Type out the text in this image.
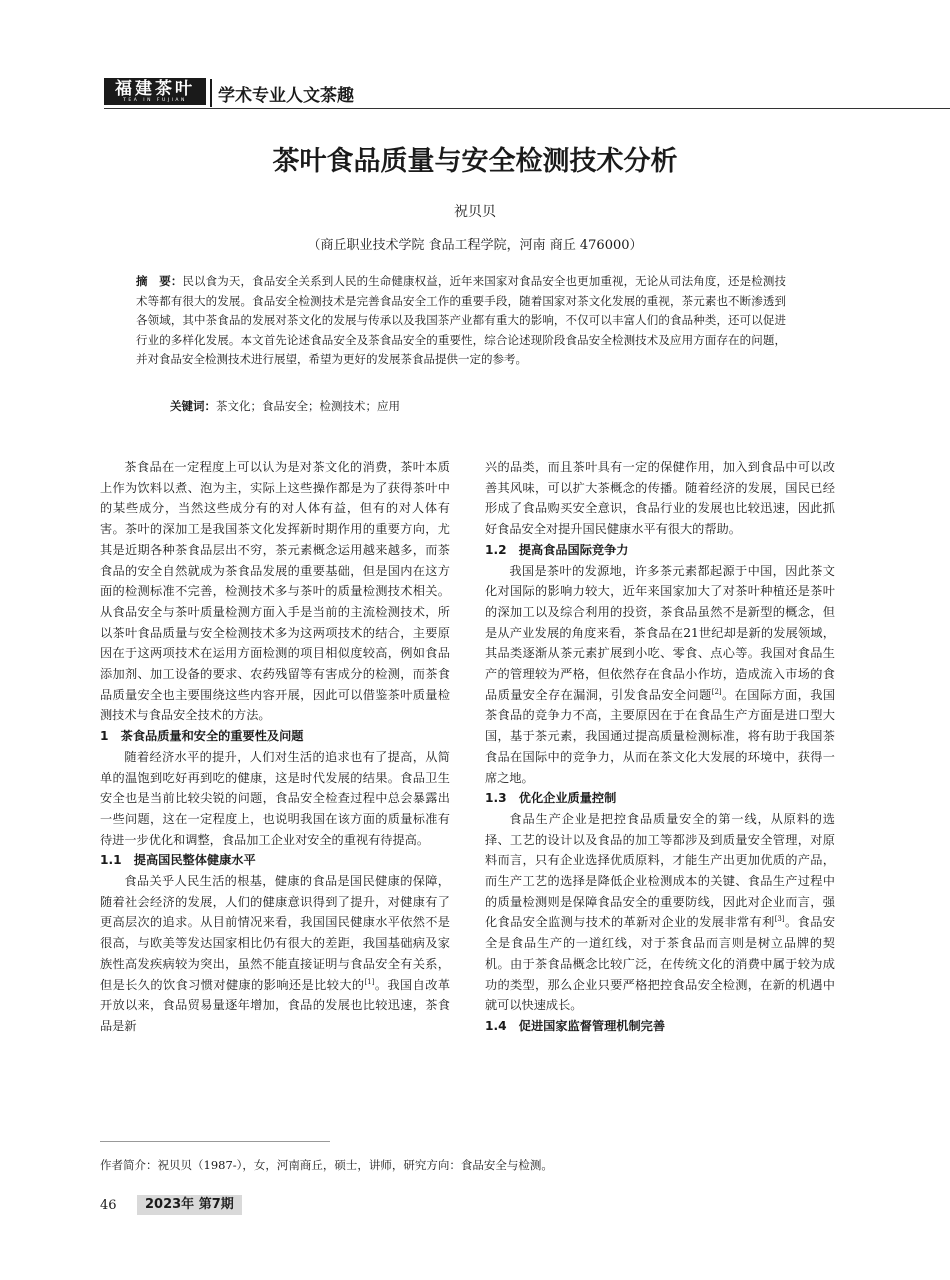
福建茶叶
TEA IN FUJIAN 学术专业人文茶趣
茶叶食品质量与安全检测技术分析
祝贝贝
（商丘职业技术学院 食品工程学院，河南 商丘 476000）
摘　要：民以食为天，食品安全关系到人民的生命健康权益，近年来国家对食品安全也更加重视，无论从司法角度，还是检测技术等都有很大的发展。食品安全检测技术是完善食品安全工作的重要手段，随着国家对茶文化发展的重视，茶元素也不断渗透到各领域，其中茶食品的发展对茶文化的发展与传承以及我国茶产业都有重大的影响，不仅可以丰富人们的食品种类，还可以促进行业的多样化发展。本文首先论述食品安全及茶食品安全的重要性，综合论述现阶段食品安全检测技术及应用方面存在的问题，并对食品安全检测技术进行展望，希望为更好的发展茶食品提供一定的参考。
关键词：茶文化；食品安全；检测技术；应用

茶食品在一定程度上可以认为是对茶文化的消费，茶叶本质上作为饮料以煮、泡为主，实际上这些操作都是为了获得茶叶中的某些成分，当然这些成分有的对人体有益，但有的对人体有害。茶叶的深加工是我国茶文化发挥新时期作用的重要方向，尤其是近期各种茶食品层出不穷，茶元素概念运用越来越多，而茶食品的安全自然就成为茶食品发展的重要基础，但是国内在这方面的检测标准不完善，检测技术多与茶叶的质量检测技术相关。从食品安全与茶叶质量检测方面入手是当前的主流检测技术，所以茶叶食品质量与安全检测技术多为这两项技术的结合，主要原因在于这两项技术在运用方面检测的项目相似度较高，例如食品添加剂、加工设备的要求、农药残留等有害成分的检测，而茶食品质量安全也主要围绕这些内容开展，因此可以借鉴茶叶质量检测技术与食品安全技术的方法。

1　茶食品质量和安全的重要性及问题

随着经济水平的提升，人们对生活的追求也有了提高，从简单的温饱到吃好再到吃的健康，这是时代发展的结果。食品卫生安全也是当前比较尖锐的问题，食品安全检查过程中总会暴露出一些问题，这在一定程度上，也说明我国在该方面的质量标准有待进一步优化和调整，食品加工企业对安全的重视有待提高。

1.1　提高国民整体健康水平

食品关乎人民生活的根基，健康的食品是国民健康的保障，随着社会经济的发展，人们的健康意识得到了提升，对健康有了更高层次的追求。从目前情况来看，我国国民健康水平依然不是很高，与欧美等发达国家相比仍有很大的差距，我国基础病及家族性高发疾病较为突出，虽然不能直接证明与食品安全有关系，但是长久的饮食习惯对健康的影响还是比较大的[1]。我国自改革开放以来，食品贸易量逐年增加，食品的发展也比较迅速，茶食品是新

兴的品类，而且茶叶具有一定的保健作用，加入到食品中可以改善其风味，可以扩大茶概念的传播。随着经济的发展，国民已经形成了食品购买安全意识，食品行业的发展也比较迅速，因此抓好食品安全对提升国民健康水平有很大的帮助。

1.2　提高食品国际竞争力

我国是茶叶的发源地，许多茶元素都起源于中国，因此茶文化对国际的影响力较大，近年来国家加大了对茶叶种植还是茶叶的深加工以及综合利用的投资，茶食品虽然不是新型的概念，但是从产业发展的角度来看，茶食品在21世纪却是新的发展领域，其品类逐渐从茶元素扩展到小吃、零食、点心等。我国对食品生产的管理较为严格，但依然存在食品小作坊，造成流入市场的食品质量安全存在漏洞，引发食品安全问题[2]。在国际方面，我国茶食品的竞争力不高，主要原因在于在食品生产方面是进口型大国，基于茶元素，我国通过提高质量检测标准，将有助于我国茶食品在国际中的竞争力，从而在茶文化大发展的环境中，获得一席之地。

1.3　优化企业质量控制

食品生产企业是把控食品质量安全的第一线，从原料的选择、工艺的设计以及食品的加工等都涉及到质量安全管理，对原料而言，只有企业选择优质原料，才能生产出更加优质的产品，而生产工艺的选择是降低企业检测成本的关键、食品生产过程中的质量检测则是保障食品安全的重要防线，因此对企业而言，强化食品安全监测与技术的革新对企业的发展非常有利[3]。食品安全是食品生产的一道红线，对于茶食品而言则是树立品牌的契机。由于茶食品概念比较广泛，在传统文化的消费中属于较为成功的类型，那么企业只要严格把控食品安全检测，在新的机遇中就可以快速成长。

1.4　促进国家监督管理机制完善
作者简介：祝贝贝（1987-），女，河南商丘，硕士，讲师，研究方向：食品安全与检测。
46	2023年 第7期
